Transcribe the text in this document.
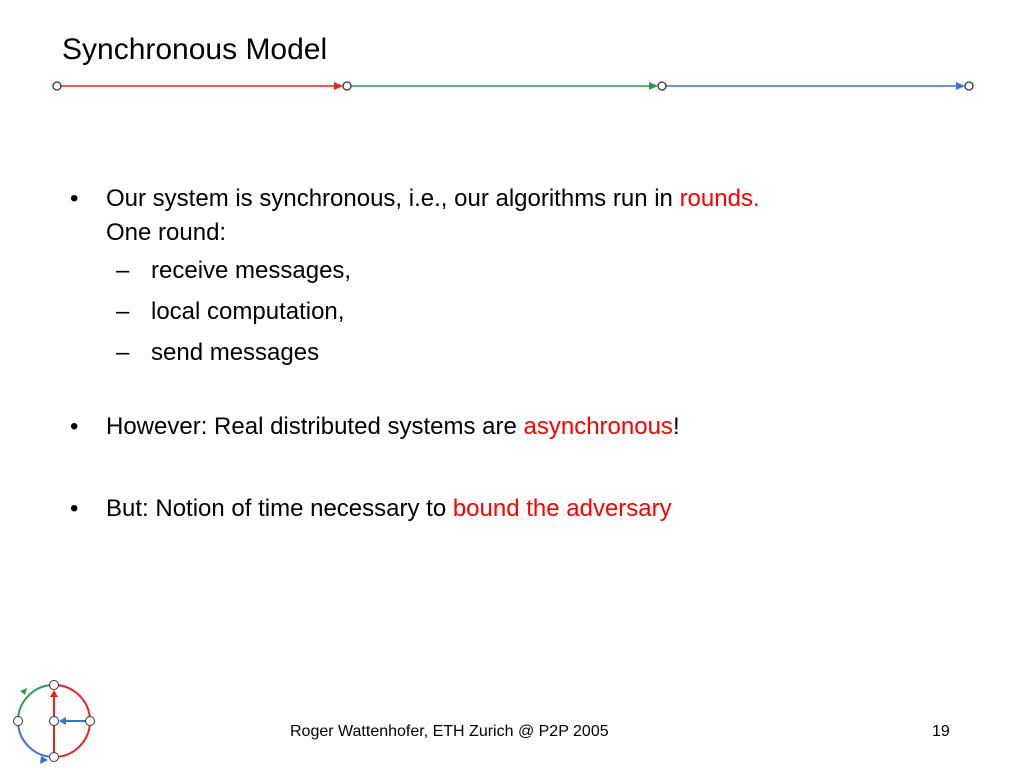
Synchronous Model
•	Our system is synchronous, i.e., our algorithms run in rounds.
One round:
– receive messages,
– local computation,
– send messages
•	However: Real distributed systems are asynchronous!
•	But: Notion of time necessary to bound the adversary
Roger Wattenhofer, ETH Zurich @ P2P 2005	19
